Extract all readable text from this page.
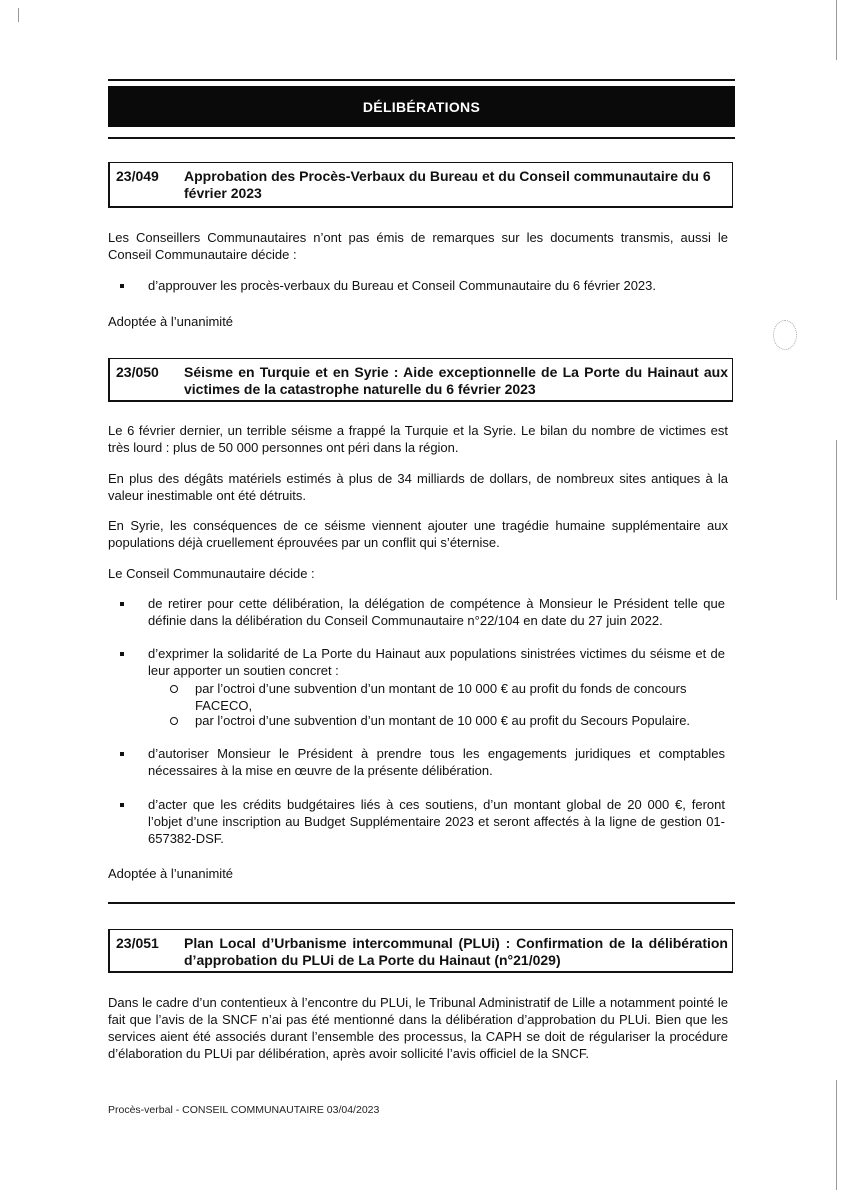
DÉLIBÉRATIONS
23/049	Approbation des Procès-Verbaux du Bureau et du Conseil communautaire du 6 février 2023
Les Conseillers Communautaires n’ont pas émis de remarques sur les documents transmis, aussi le Conseil Communautaire décide :
d’approuver les procès-verbaux du Bureau et Conseil Communautaire du 6 février 2023.
Adoptée à l’unanimité
23/050	Séisme en Turquie et en Syrie : Aide exceptionnelle de La Porte du Hainaut aux victimes de la catastrophe naturelle du 6 février 2023
Le 6 février dernier, un terrible séisme a frappé la Turquie et la Syrie. Le bilan du nombre de victimes est très lourd : plus de 50 000 personnes ont péri dans la région.
En plus des dégâts matériels estimés à plus de 34 milliards de dollars, de nombreux sites antiques à la valeur inestimable ont été détruits.
En Syrie, les conséquences de ce séisme viennent ajouter une tragédie humaine supplémentaire aux populations déjà cruellement éprouvées par un conflit qui s’éternise.
Le Conseil Communautaire décide :
de retirer pour cette délibération, la délégation de compétence à Monsieur le Président telle que définie dans la délibération du Conseil Communautaire n°22/104 en date du 27 juin 2022.
d’exprimer la solidarité de La Porte du Hainaut aux populations sinistrées victimes du séisme et de leur apporter un soutien concret :
par l’octroi d’une subvention d’un montant de 10 000 € au profit du fonds de concours FACECO,
par l’octroi d’une subvention d’un montant de 10 000 € au profit du Secours Populaire.
d’autoriser Monsieur le Président à prendre tous les engagements juridiques et comptables nécessaires à la mise en œuvre de la présente délibération.
d’acter que les crédits budgétaires liés à ces soutiens, d’un montant global de 20 000 €, feront l’objet d’une inscription au Budget Supplémentaire 2023 et seront affectés à la ligne de gestion 01-657382-DSF.
Adoptée à l’unanimité
23/051	Plan Local d’Urbanisme intercommunal (PLUi) : Confirmation de la délibération d’approbation du PLUi de La Porte du Hainaut (n°21/029)
Dans le cadre d’un contentieux à l’encontre du PLUi, le Tribunal Administratif de Lille a notamment pointé le fait que l’avis de la SNCF n’ai pas été mentionné dans la délibération d’approbation du PLUi. Bien que les services aient été associés durant l’ensemble des processus, la CAPH se doit de régulariser la procédure d’élaboration du PLUi par délibération, après avoir sollicité l’avis officiel de la SNCF.
Procès-verbal - CONSEIL COMMUNAUTAIRE 03/04/2023
